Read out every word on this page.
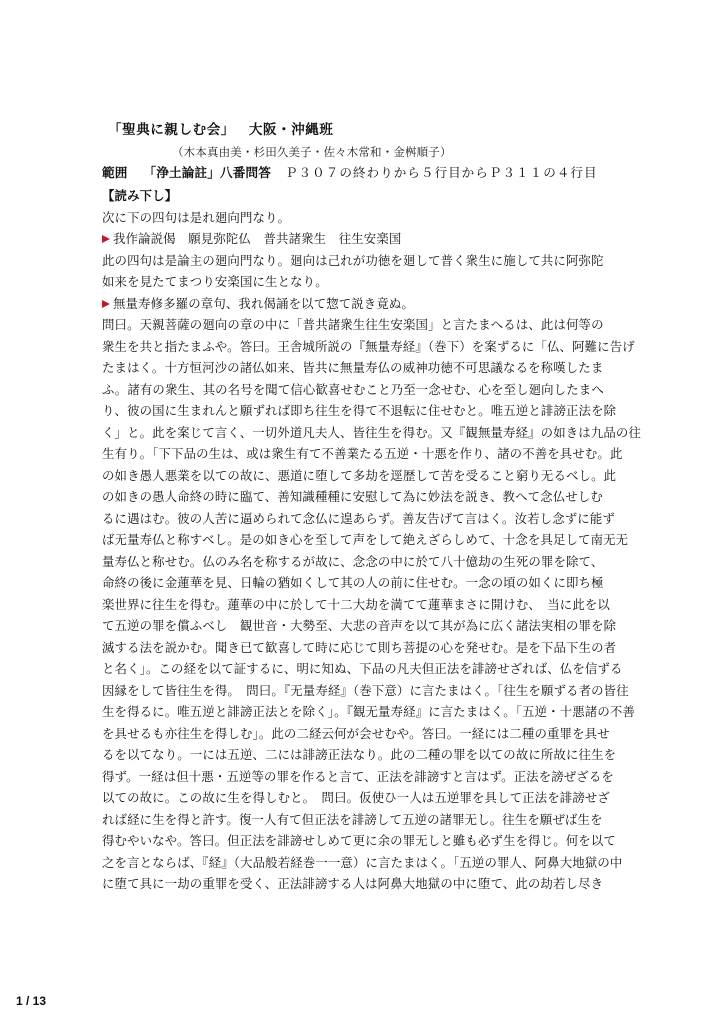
「聖典に親しむ会」 大阪・沖縄班
（木本真由美・杉田久美子・佐々木常和・金桝順子）
範囲 「浄土論註」八番問答 Ｐ３０７の終わりから５行目からＰ３１１の４行目
【読み下し】
次に下の四句は是れ廻向門なり。
我作論説偈　願見弥陀仏　普共諸衆生　往生安楽国
此の四句は是論主の廻向門なり。廻向は己れが功徳を廻して普く衆生に施して共に阿弥陀
如来を見たてまつり安楽国に生となり。
無量寿修多羅の章句、我れ偈誦を以て惣て説き竟ぬ。
問曰。天親菩薩の廻向の章の中に「普共諸衆生往生安楽国」と言たまへるは、此は何等の
衆生を共と指たまふや。答曰。王舎城所説の『無量寿経』（巻下）を案ずるに「仏、阿難に告げ
たまはく。十方恒河沙の諸仏如来、皆共に無量寿仏の威神功徳不可思議なるを称嘆したま
ふ。諸有の衆生、其の名号を聞て信心歓喜せむこと乃至一念せむ、心を至し廻向したまへ
り、彼の国に生まれんと願ずれば即ち往生を得て不退転に住せむと。唯五逆と誹謗正法を除
く」と。此を案じて言く、一切外道凡夫人、皆往生を得む。又『観無量寿経』の如きは九品の往
生有り。「下下品の生は、或は衆生有て不善業たる五逆・十悪を作り、諸の不善を具せむ。此
の如き愚人悪業を以ての故に、悪道に堕して多劫を逕歴して苦を受ること窮り无るべし。此
の如きの愚人命終の時に臨て、善知識種種に安慰して為に妙法を説き、教へて念仏せしむ
るに遇はむ。彼の人苦に逼められて念仏に遑あらず。善友告げて言はく。汝若し念ずに能ず
ば无量寿仏と称すべし。是の如き心を至して声をして絶えざらしめて、十念を具足して南无无
量寿仏と称せむ。仏のみ名を称するが故に、念念の中に於て八十億劫の生死の罪を除て、
命終の後に金蓮華を見、日輪の猶如くして其の人の前に住せむ。一念の頃の如くに即ち極
楽世界に往生を得む。蓮華の中に於して十二大劫を満てて蓮華まさに開けむ、　当に此を以
て五逆の罪を償ふべし　観世音・大勢至、大悲の音声を以て其が為に広く諸法実相の罪を除
滅する法を説かむ。聞き已て歓喜して時に応じて則ち菩提の心を発せむ。是を下品下生の者
と名く」。この経を以て証するに、明に知ぬ、下品の凡夫但正法を誹謗せざれば、仏を信ずる
因縁をして皆往生を得。　問曰。『无量寿経』（巻下意）に言たまはく。「往生を願ずる者の皆往
生を得るに。唯五逆と誹謗正法とを除く」。『観无量寿経』に言たまはく。「五逆・十悪諸の不善
を具せるも亦往生を得しむ」。此の二経云何が会せむや。答曰。一経には二種の重罪を具せ
るを以てなり。一には五逆、二には誹謗正法なり。此の二種の罪を以ての故に所故に往生を
得ず。一経は但十悪・五逆等の罪を作ると言て、正法を誹謗すと言はず。正法を謗ぜざるを
以ての故に。この故に生を得しむと。　問曰。仮使ひ一人は五逆罪を具して正法を誹謗せざ
れば経に生を得と許す。復一人有て但正法を誹謗して五逆の諸罪无し。往生を願ぜば生を
得むやいなや。答曰。但正法を誹謗せしめて更に余の罪无しと雖も必ず生を得じ。何を以て
之を言とならば、『経』（大品般若経巻一一意）に言たまはく。「五逆の罪人、阿鼻大地獄の中
に堕て具に一劫の重罪を受く、正法誹謗する人は阿鼻大地獄の中に堕て、此の劫若し尽き
1 / 13
